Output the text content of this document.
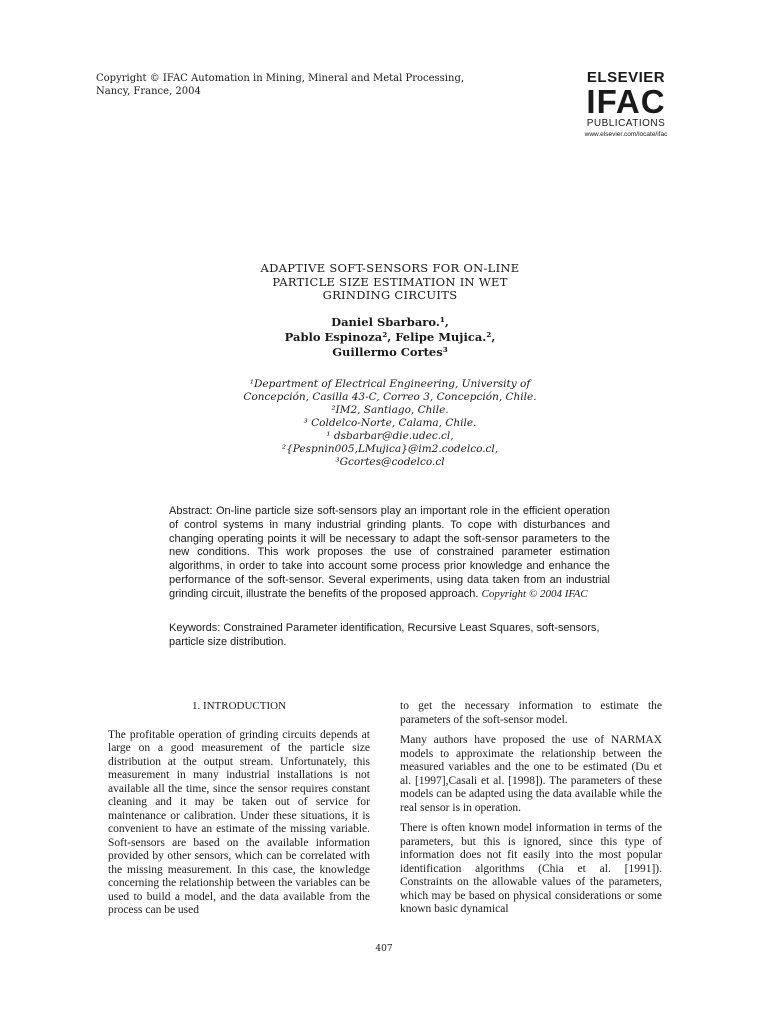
Copyright © IFAC Automation in Mining, Mineral and Metal Processing,
Nancy, France, 2004
ELSEVIER
IFAC
PUBLICATIONS
www.elsevier.com/locate/ifac
ADAPTIVE SOFT-SENSORS FOR ON-LINE
PARTICLE SIZE ESTIMATION IN WET
GRINDING CIRCUITS
Daniel Sbarbaro.¹,
Pablo Espinoza², Felipe Mujica.²,
Guillermo Cortes³
¹Department of Electrical Engineering, University of
Concepción, Casilla 43-C, Correo 3, Concepción, Chile.
²IM2, Santiago, Chile.
³ Coldelco-Norte, Calama, Chile.
¹ dsbarbar@die.udec.cl,
²{Pespnin005,LMujica}@im2.codelco.cl,
³Gcortes@codelco.cl
Abstract: On-line particle size soft-sensors play an important role in the efficient operation of control systems in many industrial grinding plants. To cope with disturbances and changing operating points it will be necessary to adapt the soft-sensor parameters to the new conditions. This work proposes the use of constrained parameter estimation algorithms, in order to take into account some process prior knowledge and enhance the performance of the soft-sensor. Several experiments, using data taken from an industrial grinding circuit, illustrate the benefits of the proposed approach. Copyright © 2004 IFAC
Keywords: Constrained Parameter identification, Recursive Least Squares, soft-sensors, particle size distribution.
1. INTRODUCTION

The profitable operation of grinding circuits depends at large on a good measurement of the particle size distribution at the output stream. Unfortunately, this measurement in many industrial installations is not available all the time, since the sensor requires constant cleaning and it may be taken out of service for maintenance or calibration. Under these situations, it is convenient to have an estimate of the missing variable. Soft-sensors are based on the available information provided by other sensors, which can be correlated with the missing measurement. In this case, the knowledge concerning the relationship between the variables can be used to build a model, and the data available from the process can be used

to get the necessary information to estimate the parameters of the soft-sensor model.

Many authors have proposed the use of NARMAX models to approximate the relationship between the measured variables and the one to be estimated (Du et al. [1997],Casali et al. [1998]). The parameters of these models can be adapted using the data available while the real sensor is in operation.

There is often known model information in terms of the parameters, but this is ignored, since this type of information does not fit easily into the most popular identification algorithms (Chia et al. [1991]). Constraints on the allowable values of the parameters, which may be based on physical considerations or some known basic dynamical

407
